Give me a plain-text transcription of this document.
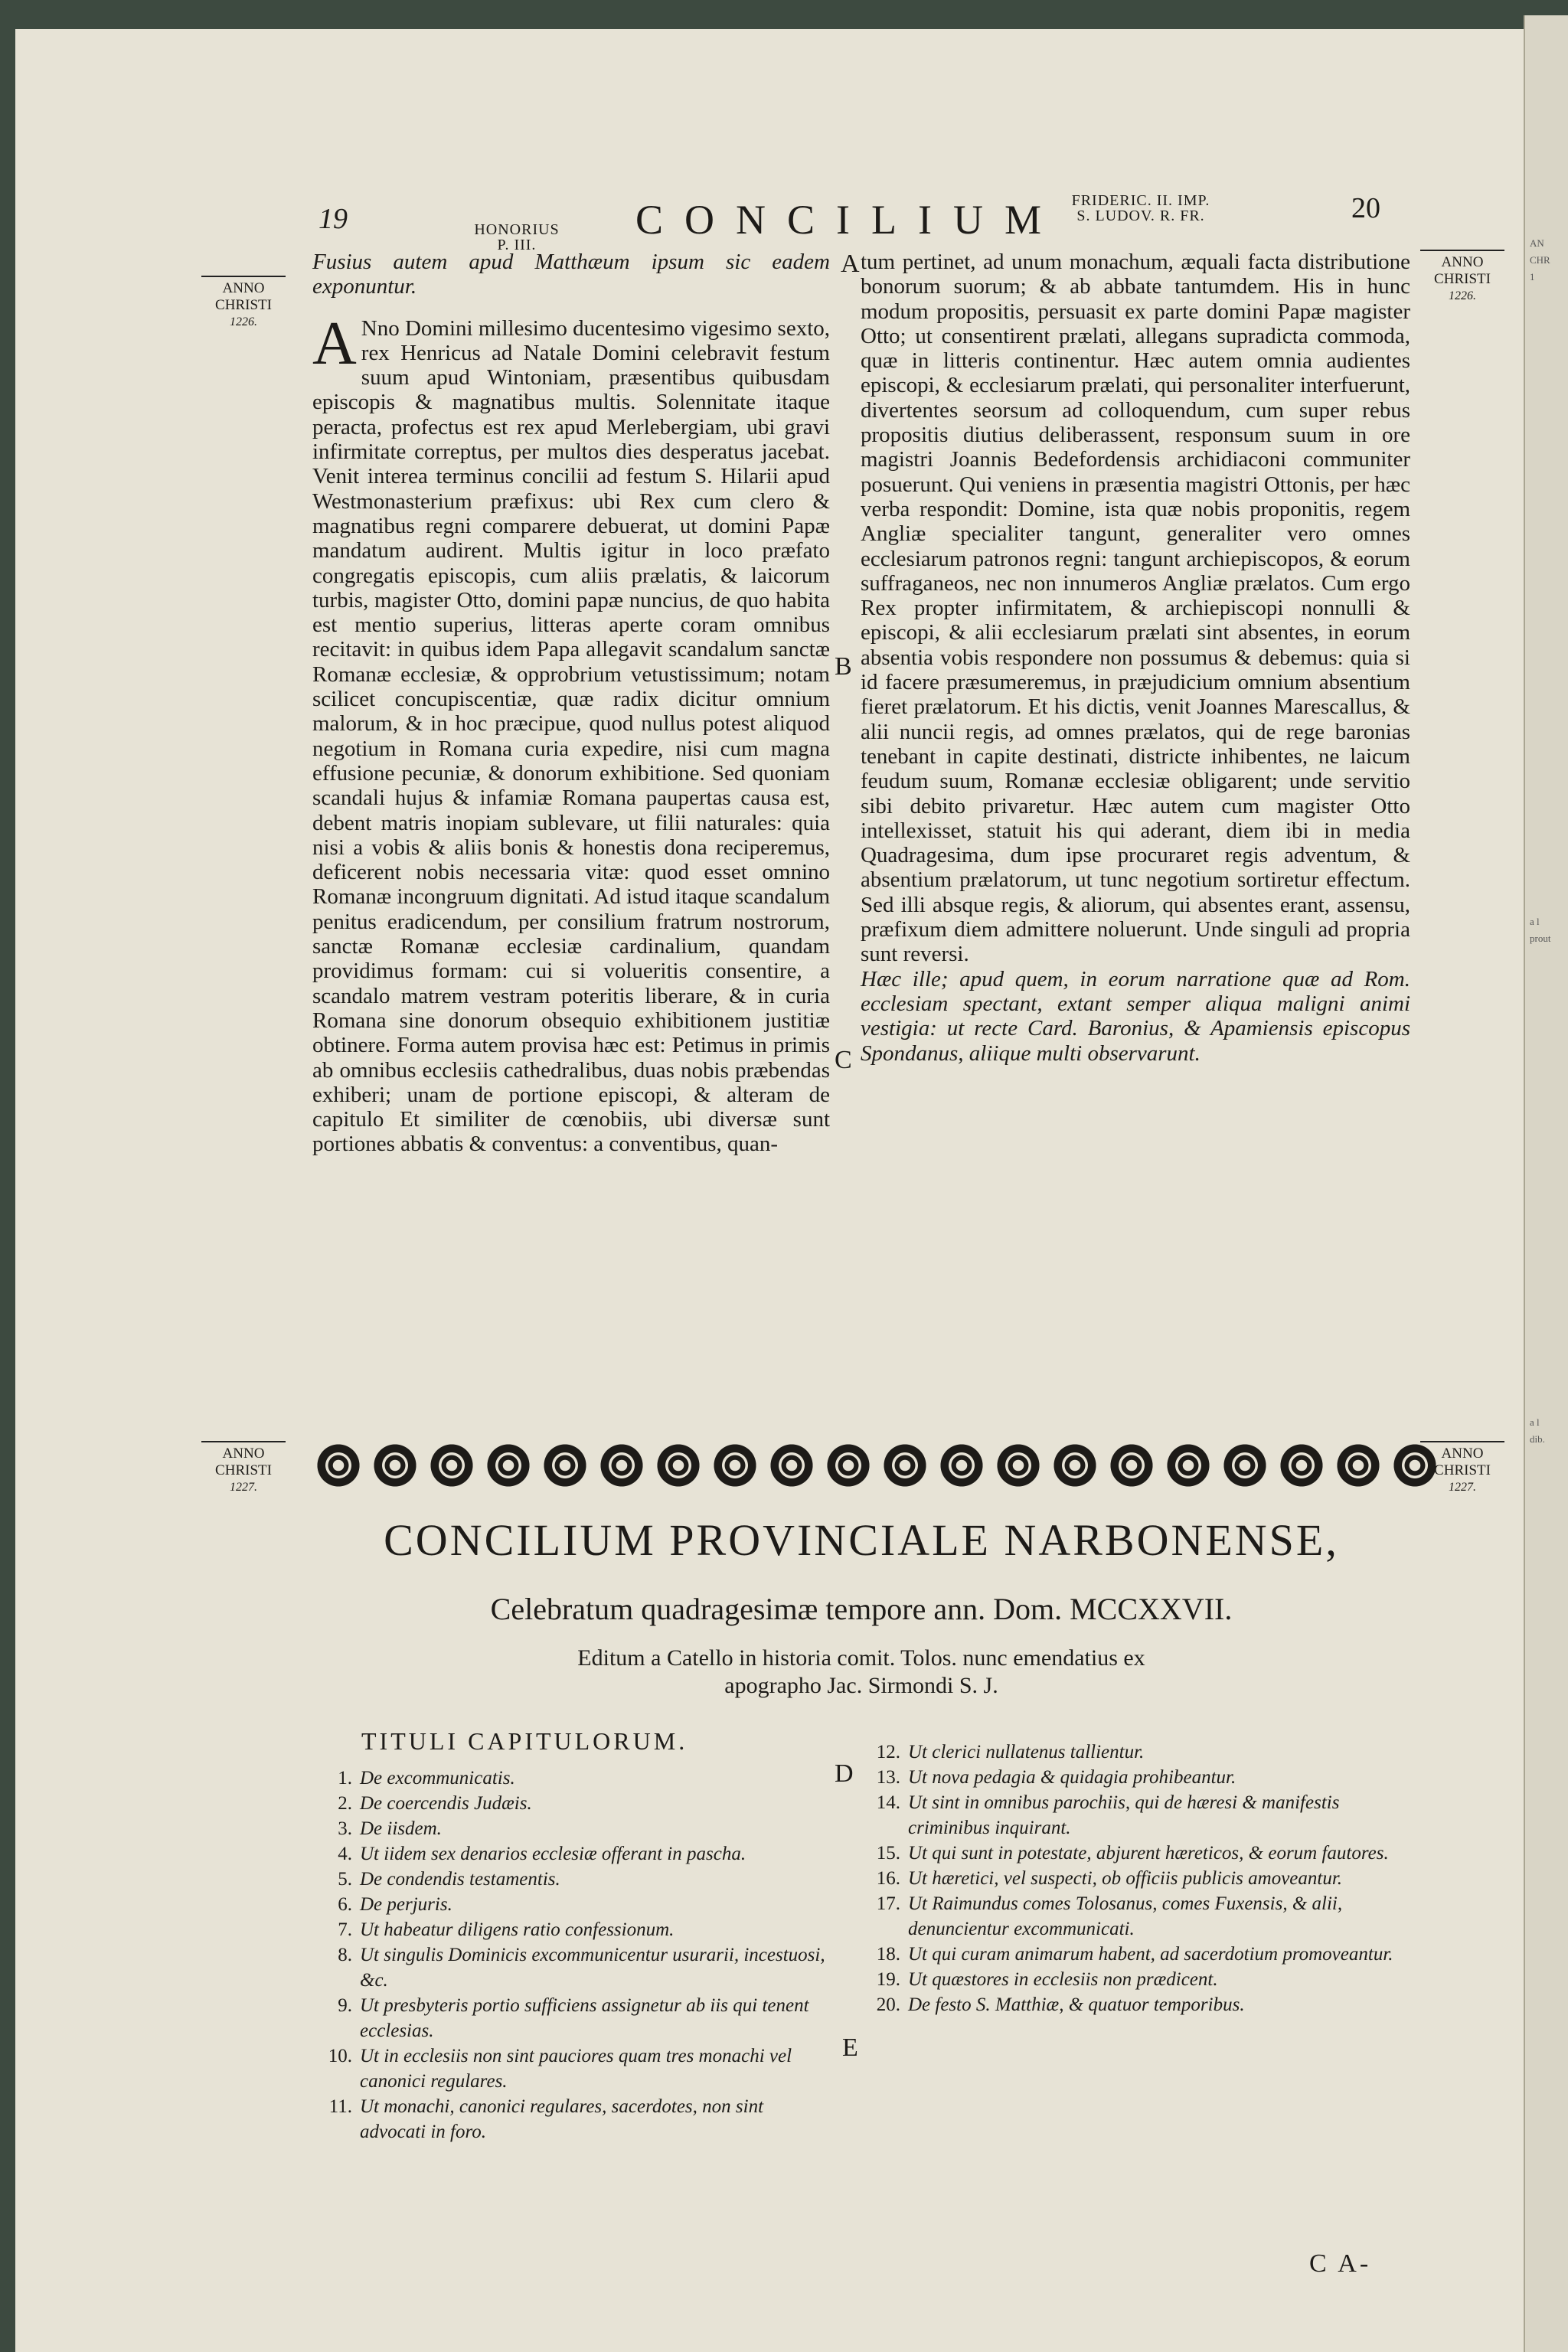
19	HONORIUS
P. III.
CONCILIUM FRIDERIC. II. IMP.
S. LUDOV. R. FR.	20
ANNO
CHRISTI
1226.
ANNO
CHRISTI
1226.
A
B
C
D
E

Fusius autem apud Matthæum ipsum sic eadem exponuntur.

A Nno Domini millesimo ducentesimo vigesimo sexto, rex Henricus ad Natale Domini celebravit festum suum apud Wintoniam, præsentibus quibusdam episcopis & magnatibus multis. Solennitate itaque peracta, profectus est rex apud Merlebergiam, ubi gravi infirmitate correptus, per multos dies desperatus jacebat. Venit interea terminus concilii ad festum S. Hilarii apud Westmonasterium præfixus: ubi Rex cum clero & magnatibus regni comparere debuerat, ut domini Papæ mandatum audirent. Multis igitur in loco præfato congregatis episcopis, cum aliis prælatis, & laicorum turbis, magister Otto, domini papæ nuncius, de quo habita est mentio superius, litteras aperte coram omnibus recitavit: in quibus idem Papa allegavit scandalum sanctæ Romanæ ecclesiæ, & opprobrium vetustissimum; notam scilicet concupiscentiæ, quæ radix dicitur omnium malorum, & in hoc præcipue, quod nullus potest aliquod negotium in Romana curia expedire, nisi cum magna effusione pecuniæ, & donorum exhibitione. Sed quoniam scandali hujus & infamiæ Romana paupertas causa est, debent matris inopiam sublevare, ut filii naturales: quia nisi a vobis & aliis bonis & honestis dona reciperemus, deficerent nobis necessaria vitæ: quod esset omnino Romanæ incongruum dignitati. Ad istud itaque scandalum penitus eradicendum, per consilium fratrum nostrorum, sanctæ Romanæ ecclesiæ cardinalium, quandam providimus formam: cui si volueritis consentire, a scandalo matrem vestram poteritis liberare, & in curia Romana sine donorum obsequio exhibitionem justitiæ obtinere. Forma autem provisa hæc est: Petimus in primis ab omnibus ecclesiis cathedralibus, duas nobis præbendas exhiberi; unam de portione episcopi, & alteram de capitulo Et similiter de cœnobiis, ubi diversæ sunt portiones abbatis & conventus: a conventibus, quan-

tum pertinet, ad unum monachum, æquali facta distributione bonorum suorum; & ab abbate tantumdem. His in hunc modum propositis, persuasit ex parte domini Papæ magister Otto; ut consentirent prælati, allegans supradicta commoda, quæ in litteris continentur. Hæc autem omnia audientes episcopi, & ecclesiarum prælati, qui personaliter interfuerunt, divertentes seorsum ad colloquendum, cum super rebus propositis diutius deliberassent, responsum suum in ore magistri Joannis Bedefordensis archidiaconi communiter posuerunt. Qui veniens in præsentia magistri Ottonis, per hæc verba respondit: Domine, ista quæ nobis proponitis, regem Angliæ specialiter tangunt, generaliter vero omnes ecclesiarum patronos regni: tangunt archiepiscopos, & eorum suffraganeos, nec non innumeros Angliæ prælatos. Cum ergo Rex propter infirmitatem, & archiepiscopi nonnulli & episcopi, & alii ecclesiarum prælati sint absentes, in eorum absentia vobis respondere non possumus & debemus: quia si id facere præsumeremus, in præjudicium omnium absentium fieret prælatorum. Et his dictis, venit Joannes Marescallus, & alii nuncii regis, ad omnes prælatos, qui de rege baronias tenebant in capite destinati, districte inhibentes, ne laicum feudum suum, Romanæ ecclesiæ obligarent; unde servitio sibi debito privaretur. Hæc autem cum magister Otto intellexisset, statuit his qui aderant, diem ibi in media Quadragesima, dum ipse procuraret regis adventum, & absentium prælatorum, ut tunc negotium sortiretur effectum. Sed illi absque regis, & aliorum, qui absentes erant, assensu, præfixum diem admittere noluerunt. Unde singuli ad propria sunt reversi.

Hæc ille; apud quem, in eorum narratione quæ ad Rom. ecclesiam spectant, extant semper aliqua maligni animi vestigia: ut recte Card. Baronius, & Apamiensis episcopus Spondanus, aliique multi observarunt.

ANNO
CHRISTI
1227.
ANNO
CHRISTI
1227.
CONCILIUM PROVINCIALE NARBONENSE,
Celebratum quadragesimæ tempore ann. Dom. MCCXXVII.
Editum a Catello in historia comit. Tolos. nunc emendatius ex
apographo Jac. Sirmondi S. J.
TITULI CAPITULORUM.
1. De excommunicatis.
2. De coercendis Judæis.
3. De iisdem.
4. Ut iidem sex denarios ecclesiæ offerant in pascha.
5. De condendis testamentis.
6. De perjuris.
7. Ut habeatur diligens ratio confessionum.
8. Ut singulis Dominicis excommunicentur usurarii, incestuosi, &c.
9. Ut presbyteris portio sufficiens assignetur ab iis qui tenent ecclesias.
10. Ut in ecclesiis non sint pauciores quam tres monachi vel canonici regulares.
11. Ut monachi, canonici regulares, sacerdotes, non sint advocati in foro.
12. Ut clerici nullatenus tallientur.
13. Ut nova pedagia & quidagia prohibeantur.
14. Ut sint in omnibus parochiis, qui de hæresi & manifestis criminibus inquirant.
15. Ut qui sunt in potestate, abjurent hæreticos, & eorum fautores.
16. Ut hæretici, vel suspecti, ob officiis publicis amoveantur.
17. Ut Raimundus comes Tolosanus, comes Fuxensis, & alii, denuncientur excommunicati.
18. Ut qui curam animarum habent, ad sacerdotium promoveantur.
19. Ut quæstores in ecclesiis non prædicent.
20. De festo S. Matthiæ, & quatuor temporibus.
C A-
AN
CHR
1
a l
prout
a l
dib.
